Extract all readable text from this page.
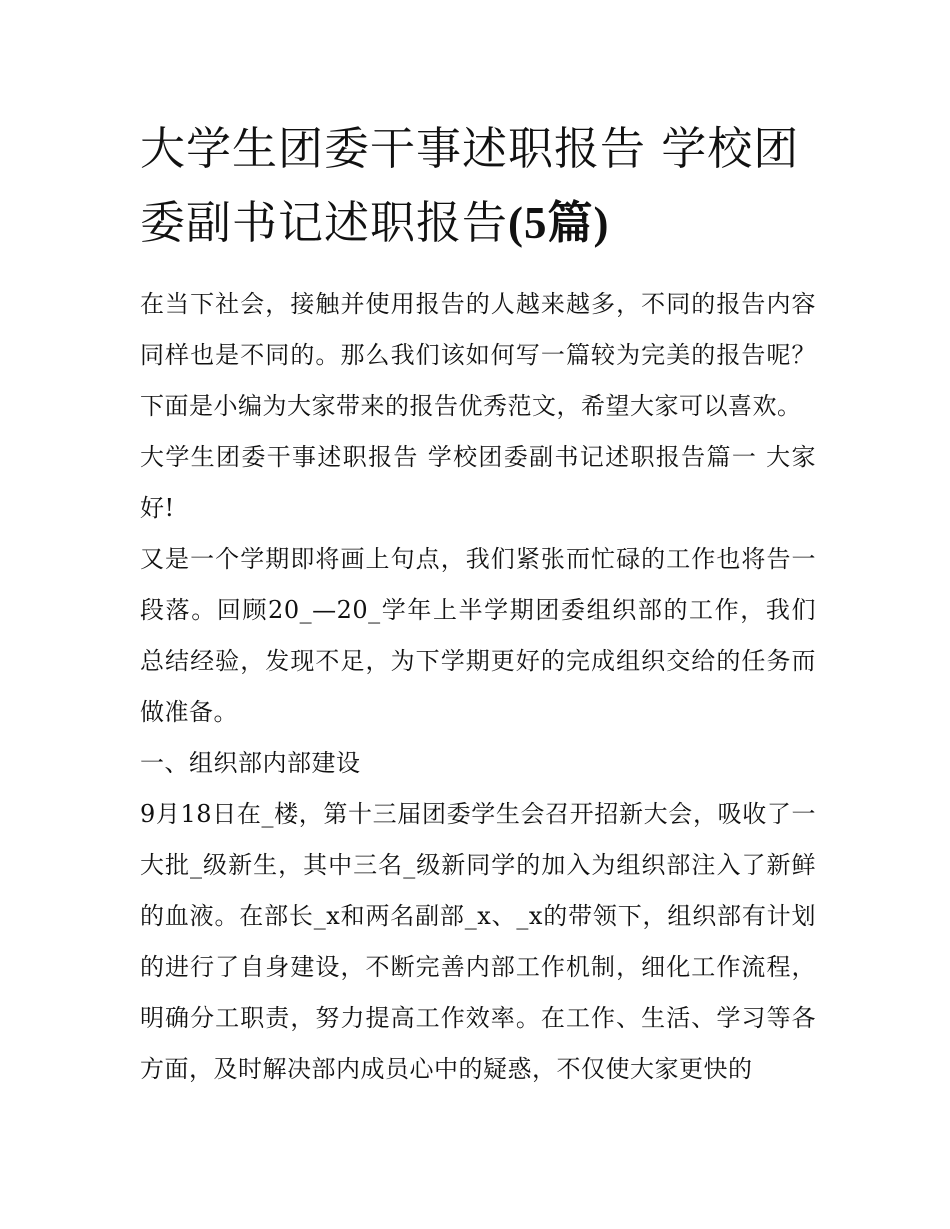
大学生团委干事述职报告 学校团委副书记述职报告(5篇)

在当下社会，接触并使用报告的人越来越多，不同的报告内容同样也是不同的。那么我们该如何写一篇较为完美的报告呢？下面是小编为大家带来的报告优秀范文，希望大家可以喜欢。

大学生团委干事述职报告 学校团委副书记述职报告篇一 大家好!

又是一个学期即将画上句点，我们紧张而忙碌的工作也将告一段落。回顾20_—20_学年上半学期团委组织部的工作，我们总结经验，发现不足，为下学期更好的完成组织交给的任务而做准备。

一、组织部内部建设

9月18日在_楼，第十三届团委学生会召开招新大会，吸收了一大批_级新生，其中三名_级新同学的加入为组织部注入了新鲜的血液。在部长_x和两名副部_x、_x的带领下，组织部有计划的进行了自身建设，不断完善内部工作机制，细化工作流程，明确分工职责，努力提高工作效率。在工作、生活、学习等各方面，及时解决部内成员心中的疑惑，不仅使大家更快的
